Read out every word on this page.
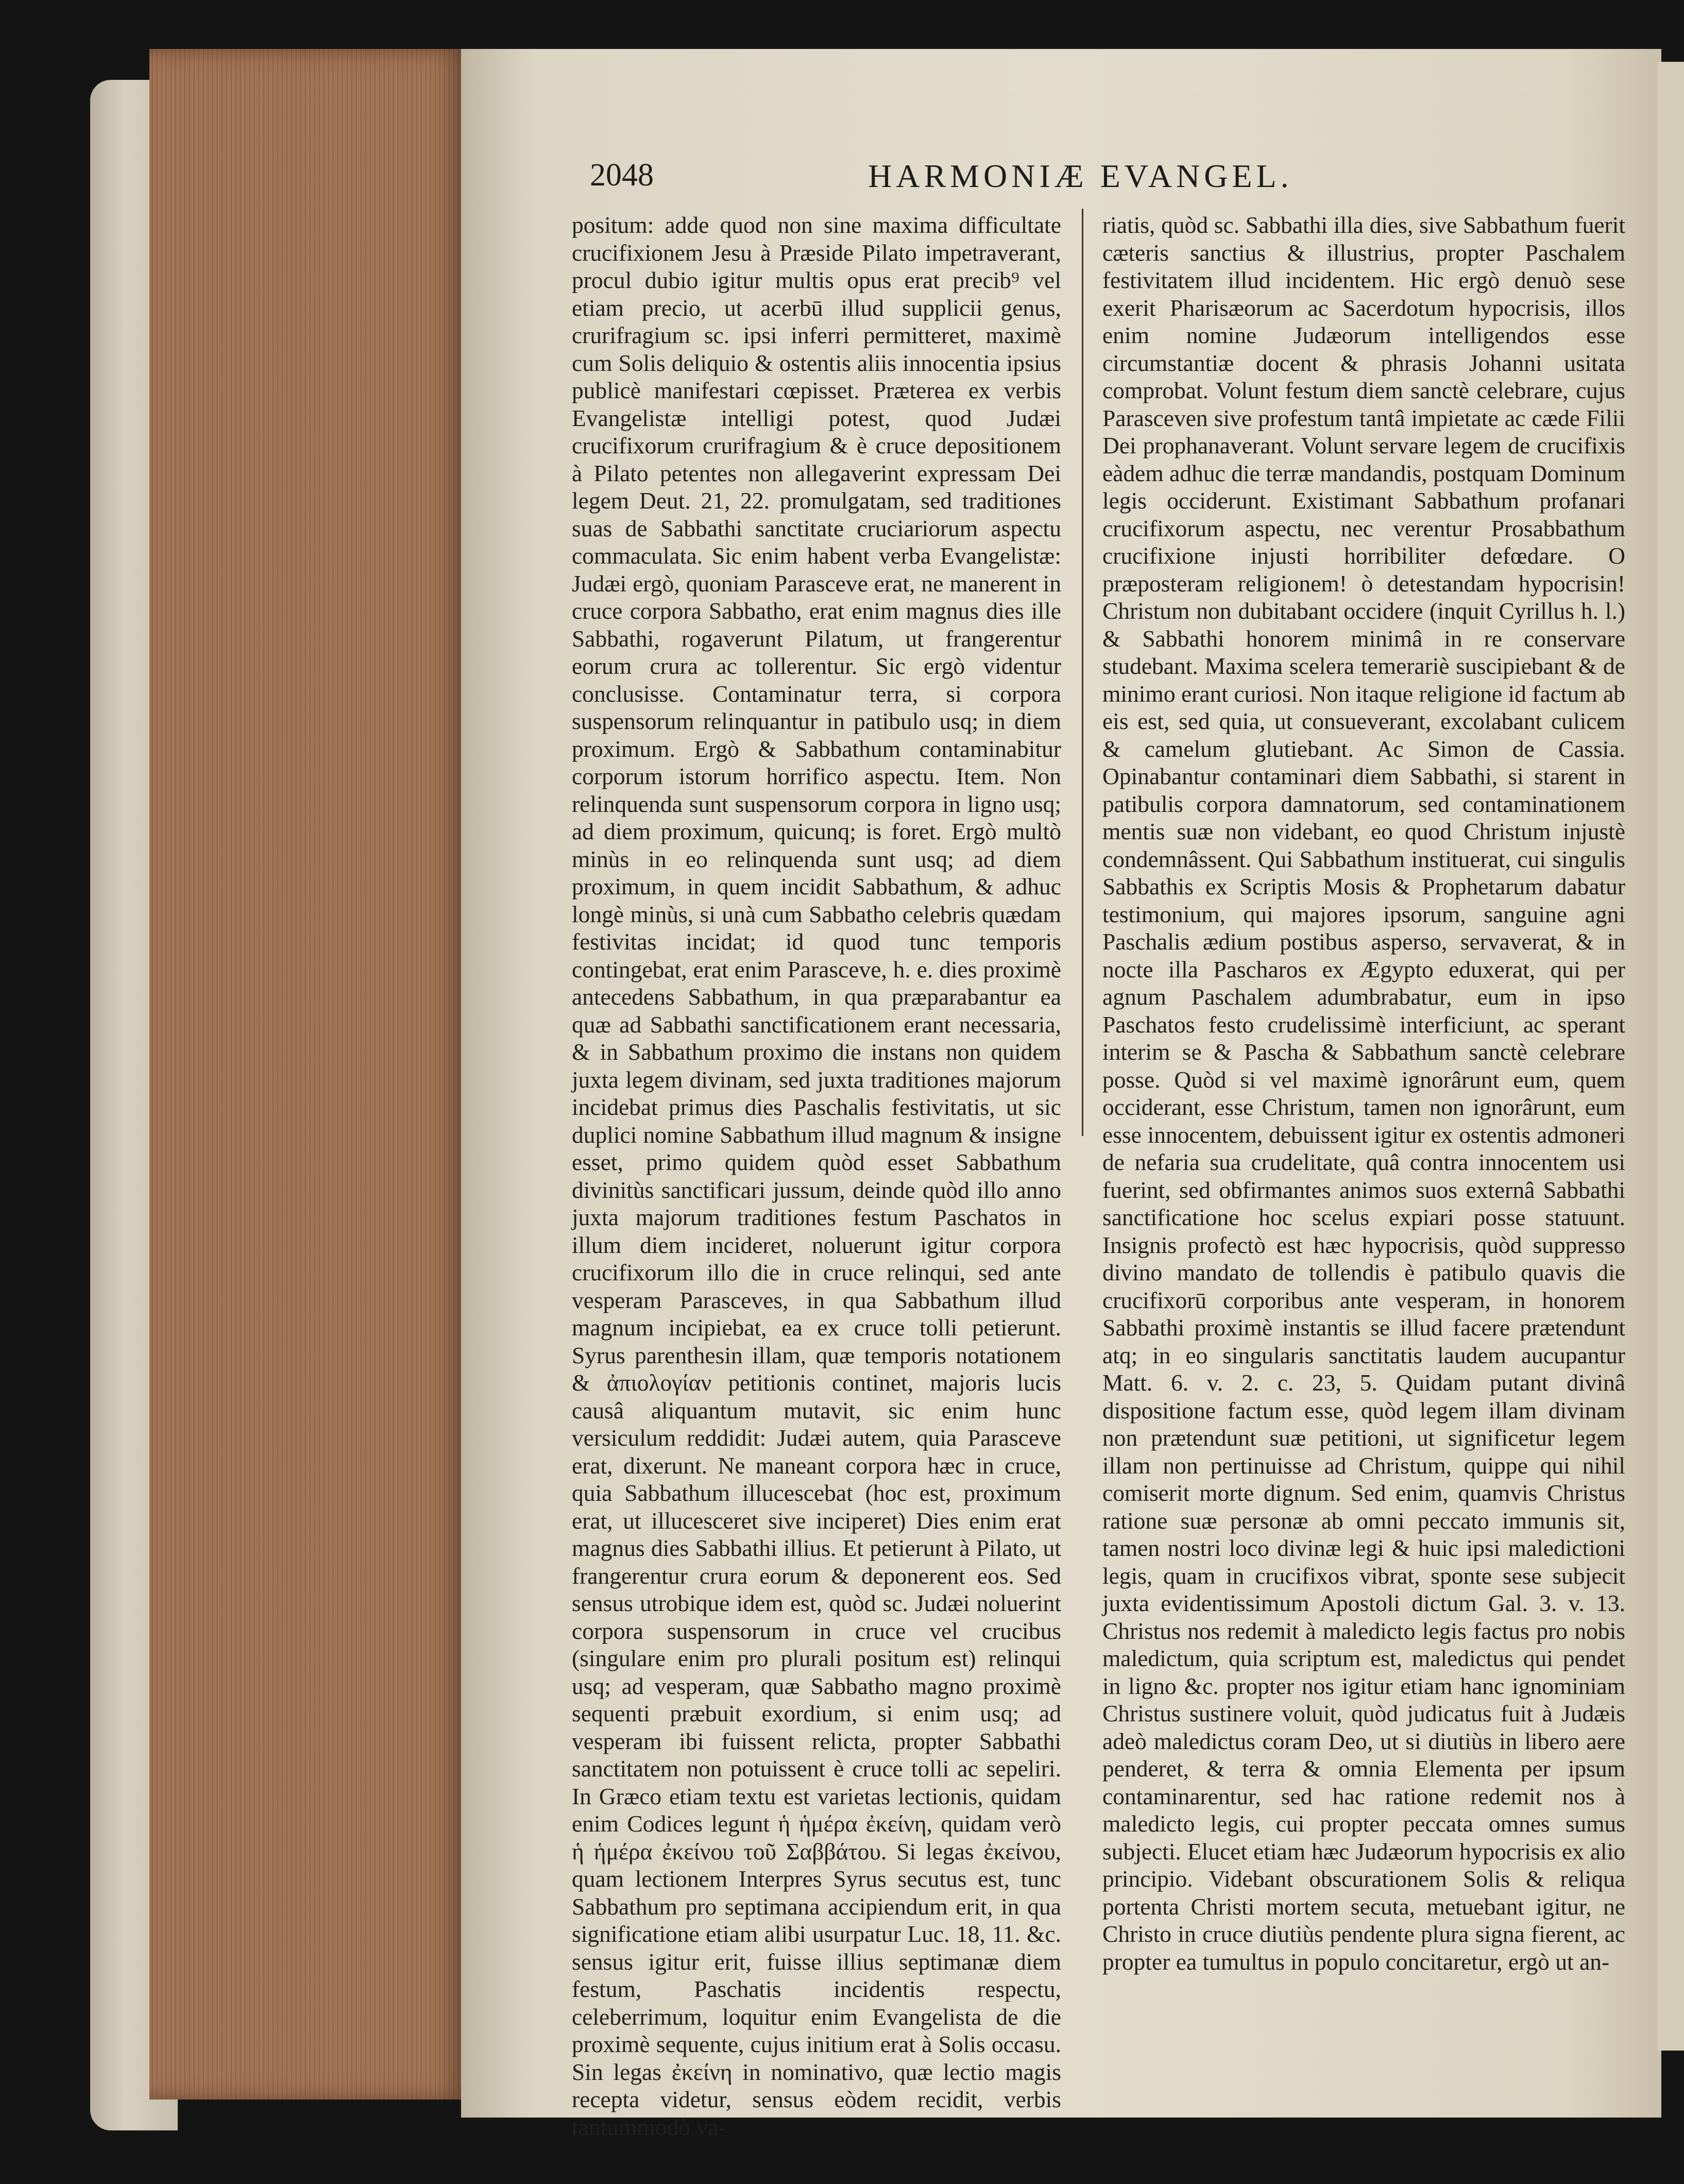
2048	HARMONIÆ EVANGEL.
positum: adde quod non sine maxima difficultate crucifixionem Jesu à Præside Pilato impetraverant, procul dubio igitur multis opus erat precib⁹ vel etiam precio, ut acerbū illud supplicii genus, crurifragium sc. ipsi inferri permitteret, maximè cum Solis deliquio & ostentis aliis innocentia ipsius publicè manifestari cœpisset. Præterea ex verbis Evangelistæ intelligi potest, quod Judæi crucifixorum crurifragium & è cruce depositionem à Pilato petentes non allegaverint expressam Dei legem Deut. 21, 22. promulgatam, sed traditiones suas de Sabbathi sanctitate cruciariorum aspectu commaculata. Sic enim habent verba Evangelistæ: Judæi ergò, quoniam Parasceve erat, ne manerent in cruce corpora Sabbatho, erat enim magnus dies ille Sabbathi, rogaverunt Pilatum, ut frangerentur eorum crura ac tollerentur. Sic ergò videntur conclusisse. Contaminatur terra, si corpora suspensorum relinquantur in patibulo usq; in diem proximum. Ergò & Sabbathum contaminabitur corporum istorum horrifico aspectu. Item. Non relinquenda sunt suspensorum corpora in ligno usq; ad diem proximum, quicunq; is foret. Ergò multò minùs in eo relinquenda sunt usq; ad diem proximum, in quem incidit Sabbathum, & adhuc longè minùs, si unà cum Sabbatho celebris quædam festivitas incidat; id quod tunc temporis contingebat, erat enim Parasceve, h. e. dies proximè antecedens Sabbathum, in qua præparabantur ea quæ ad Sabbathi sanctificationem erant necessaria, & in Sabbathum proximo die instans non quidem juxta legem divinam, sed juxta traditiones majorum incidebat primus dies Paschalis festivitatis, ut sic duplici nomine Sabbathum illud magnum & insigne esset, primo quidem quòd esset Sabbathum divinitùs sanctificari jussum, deinde quòd illo anno juxta majorum traditiones festum Paschatos in illum diem incideret, noluerunt igitur corpora crucifixorum illo die in cruce relinqui, sed ante vesperam Parasceves, in qua Sabbathum illud magnum incipiebat, ea ex cruce tolli petierunt. Syrus parenthesin illam, quæ temporis notationem & ἀπιολογίαν petitionis continet, majoris lucis causâ aliquantum mutavit, sic enim hunc versiculum reddidit: Judæi autem, quia Parasceve erat, dixerunt. Ne maneant corpora hæc in cruce, quia Sabbathum illucescebat (hoc est, proximum erat, ut illucesceret sive inciperet) Dies enim erat magnus dies Sabbathi illius. Et petierunt à Pilato, ut frangerentur crura eorum & deponerent eos. Sed sensus utrobique idem est, quòd sc. Judæi noluerint corpora suspensorum in cruce vel crucibus (singulare enim pro plurali positum est) relinqui usq; ad vesperam, quæ Sabbatho magno proximè sequenti præbuit exordium, si enim usq; ad vesperam ibi fuissent relicta, propter Sabbathi sanctitatem non potuissent è cruce tolli ac sepeliri. In Græco etiam textu est varietas lectionis, quidam enim Codices legunt ἡ ἡμέρα ἐκείνη, quidam verò ἡ ἡμέρα ἐκείνου τοῦ Σαββάτου. Si legas ἐκείνου, quam lectionem Interpres Syrus secutus est, tunc Sabbathum pro septimana accipiendum erit, in qua significatione etiam alibi usurpatur Luc. 18, 11. &c. sensus igitur erit, fuisse illius septimanæ diem festum, Paschatis incidentis respectu, celeberrimum, loquitur enim Evangelista de die proximè sequente, cujus initium erat à Solis occasu. Sin legas ἐκείνη in nominativo, quæ lectio magis recepta videtur, sensus eòdem recidit, verbis tantummodò va-
riatis, quòd sc. Sabbathi illa dies, sive Sabbathum fuerit cæteris sanctius & illustrius, propter Paschalem festivitatem illud incidentem. Hic ergò denuò sese exerit Pharisæorum ac Sacerdotum hypocrisis, illos enim nomine Judæorum intelligendos esse circumstantiæ docent & phrasis Johanni usitata comprobat. Volunt festum diem sanctè celebrare, cujus Parasceven sive profestum tantâ impietate ac cæde Filii Dei prophanaverant. Volunt servare legem de crucifixis eàdem adhuc die terræ mandandis, postquam Dominum legis occiderunt. Existimant Sabbathum profanari crucifixorum aspectu, nec verentur Prosabbathum crucifixione injusti horribiliter defœdare. O præposteram religionem! ò detestandam hypocrisin! Christum non dubitabant occidere (inquit Cyrillus h. l.) & Sabbathi honorem minimâ in re conservare studebant. Maxima scelera temerariè suscipiebant & de minimo erant curiosi. Non itaque religione id factum ab eis est, sed quia, ut consueverant, excolabant culicem & camelum glutiebant. Ac Simon de Cassia. Opinabantur contaminari diem Sabbathi, si starent in patibulis corpora damnatorum, sed contaminationem mentis suæ non videbant, eo quod Christum injustè condemnâssent. Qui Sabbathum instituerat, cui singulis Sabbathis ex Scriptis Mosis & Prophetarum dabatur testimonium, qui majores ipsorum, sanguine agni Paschalis ædium postibus asperso, servaverat, & in nocte illa Pascharos ex Ægypto eduxerat, qui per agnum Paschalem adumbrabatur, eum in ipso Paschatos festo crudelissimè interficiunt, ac sperant interim se & Pascha & Sabbathum sanctè celebrare posse. Quòd si vel maximè ignorârunt eum, quem occiderant, esse Christum, tamen non ignorârunt, eum esse innocentem, debuissent igitur ex ostentis admoneri de nefaria sua crudelitate, quâ contra innocentem usi fuerint, sed obfirmantes animos suos externâ Sabbathi sanctificatione hoc scelus expiari posse statuunt. Insignis profectò est hæc hypocrisis, quòd suppresso divino mandato de tollendis è patibulo quavis die crucifixorū corporibus ante vesperam, in honorem Sabbathi proximè instantis se illud facere prætendunt atq; in eo singularis sanctitatis laudem aucupantur Matt. 6. v. 2. c. 23, 5. Quidam putant divinâ dispositione factum esse, quòd legem illam divinam non prætendunt suæ petitioni, ut significetur legem illam non pertinuisse ad Christum, quippe qui nihil comiserit morte dignum. Sed enim, quamvis Christus ratione suæ personæ ab omni peccato immunis sit, tamen nostri loco divinæ legi & huic ipsi maledictioni legis, quam in crucifixos vibrat, sponte sese subjecit juxta evidentissimum Apostoli dictum Gal. 3. v. 13. Christus nos redemit à maledicto legis factus pro nobis maledictum, quia scriptum est, maledictus qui pendet in ligno &c. propter nos igitur etiam hanc ignominiam Christus sustinere voluit, quòd judicatus fuit à Judæis adeò maledictus coram Deo, ut si diutiùs in libero aere penderet, & terra & omnia Elementa per ipsum contaminarentur, sed hac ratione redemit nos à maledicto legis, cui propter peccata omnes sumus subjecti. Elucet etiam hæc Judæorum hypocrisis ex alio principio. Videbant obscurationem Solis & reliqua portenta Christi mortem secuta, metuebant igitur, ne Christo in cruce diutiùs pendente plura signa fierent, ac propter ea tumultus in populo concitaretur, ergò ut an-
